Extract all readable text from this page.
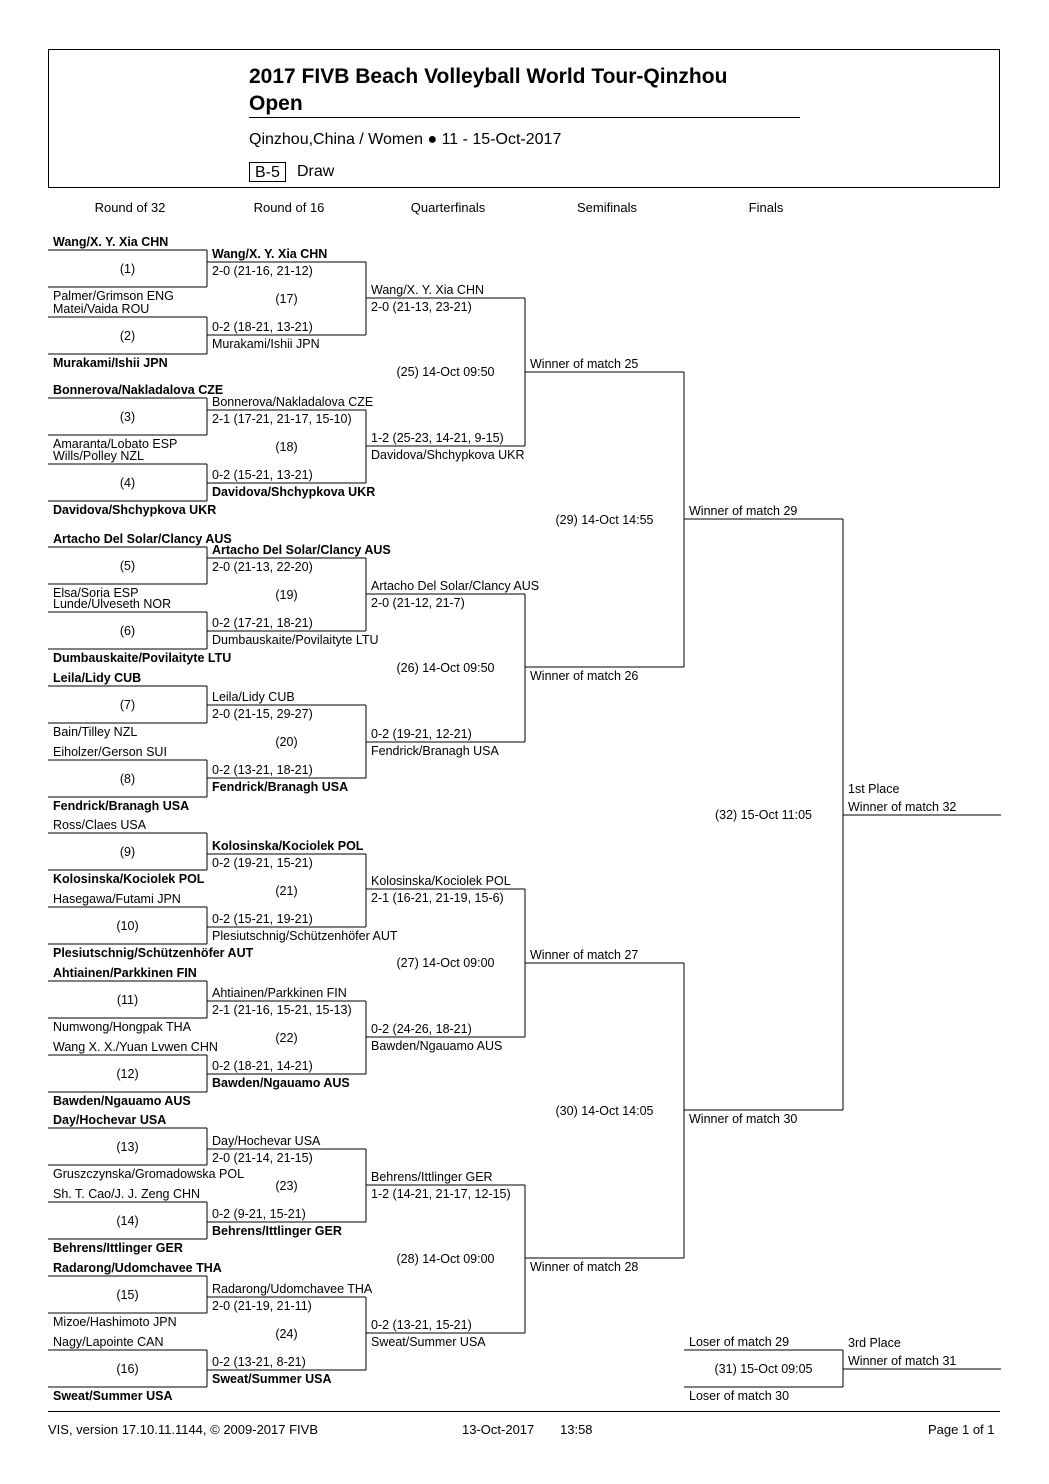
2017 FIVB Beach Volleyball World Tour-Qinzhou
Open
Qinzhou,China / Women ● 11 - 15-Oct-2017
B-5	Draw
Round of 32	Round of 16	Quarterfinals	Semifinals	Finals
Wang/X. Y. Xia CHN
Palmer/Grimson ENG
(1)
Matei/Vaida ROU
Murakami/Ishii JPN
(2)
Bonnerova/Nakladalova CZE
Amaranta/Lobato ESP
(3)
Wills/Polley NZL
Davidova/Shchypkova UKR
(4)
Artacho Del Solar/Clancy AUS
Elsa/Soria ESP
(5)
Lunde/Ulveseth NOR
Dumbauskaite/Povilaityte LTU
(6)
Leila/Lidy CUB
Bain/Tilley NZL
(7)
Eiholzer/Gerson SUI
Fendrick/Branagh USA
(8)
Ross/Claes USA
Kolosinska/Kociolek POL
(9)
Hasegawa/Futami JPN
Plesiutschnig/Schützenhöfer AUT
(10)
Ahtiainen/Parkkinen FIN
Numwong/Hongpak THA
(11)
Wang X. X./Yuan Lvwen CHN
Bawden/Ngauamo AUS
(12)
Day/Hochevar USA
Gruszczynska/Gromadowska POL
(13)
Sh. T. Cao/J. J. Zeng CHN
Behrens/Ittlinger GER
(14)
Radarong/Udomchavee THA
Mizoe/Hashimoto JPN
(15)
Nagy/Lapointe CAN
Sweat/Summer USA
(16)
Wang/X. Y. Xia CHN
2-0 (21-16, 21-12)
0-2 (18-21, 13-21)
Murakami/Ishii JPN
(17)
Bonnerova/Nakladalova CZE
2-1 (17-21, 21-17, 15-10)
0-2 (15-21, 13-21)
Davidova/Shchypkova UKR
(18)
Artacho Del Solar/Clancy AUS
2-0 (21-13, 22-20)
0-2 (17-21, 18-21)
Dumbauskaite/Povilaityte LTU
(19)
Leila/Lidy CUB
2-0 (21-15, 29-27)
0-2 (13-21, 18-21)
Fendrick/Branagh USA
(20)
Kolosinska/Kociolek POL
0-2 (19-21, 15-21)
0-2 (15-21, 19-21)
Plesiutschnig/Schützenhöfer AUT
(21)
Ahtiainen/Parkkinen FIN
2-1 (21-16, 15-21, 15-13)
0-2 (18-21, 14-21)
Bawden/Ngauamo AUS
(22)
Day/Hochevar USA
2-0 (21-14, 21-15)
0-2 (9-21, 15-21)
Behrens/Ittlinger GER
(23)
Radarong/Udomchavee THA
2-0 (21-19, 21-11)
0-2 (13-21, 8-21)
Sweat/Summer USA
(24)
Wang/X. Y. Xia CHN
2-0 (21-13, 23-21)
1-2 (25-23, 14-21, 9-15)
Davidova/Shchypkova UKR
(25) 14-Oct 09:50
Artacho Del Solar/Clancy AUS
2-0 (21-12, 21-7)
0-2 (19-21, 12-21)
Fendrick/Branagh USA
(26) 14-Oct 09:50
Kolosinska/Kociolek POL
2-1 (16-21, 21-19, 15-6)
0-2 (24-26, 18-21)
Bawden/Ngauamo AUS
(27) 14-Oct 09:00
Behrens/Ittlinger GER
1-2 (14-21, 21-17, 12-15)
0-2 (13-21, 15-21)
Sweat/Summer USA
(28) 14-Oct 09:00
Winner of match 25
Winner of match 26
(29) 14-Oct 14:55
Winner of match 27
Winner of match 28
(30) 14-Oct 14:05
Winner of match 29
Winner of match 30
(32) 15-Oct 11:05
1st Place
Winner of match 32
Loser of match 29
Loser of match 30
(31) 15-Oct 09:05
3rd Place
Winner of match 31
VIS, version 17.10.11.1144, © 2009-2017 FIVB	13-Oct-2017 13:58	Page 1 of 1
